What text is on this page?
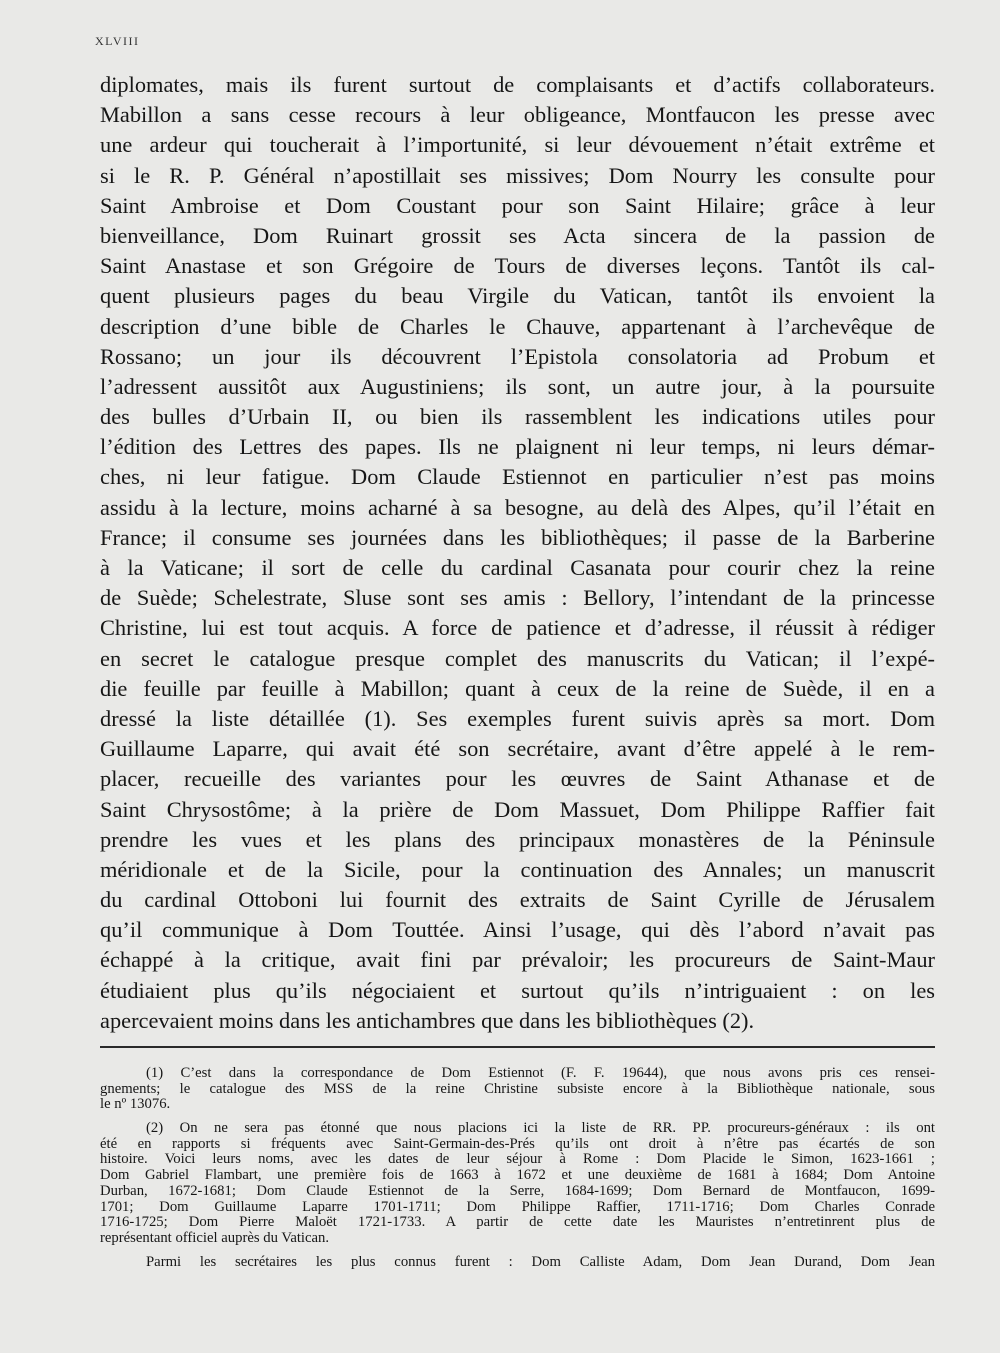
XLVIII
diplomates, mais ils furent surtout de complaisants et d’actifs collaborateurs.
Mabillon a sans cesse recours à leur obligeance, Montfaucon les presse avec
une ardeur qui toucherait à l’importunité, si leur dévouement n’était extrême et
si le R. P. Général n’apostillait ses missives; Dom Nourry les consulte pour
Saint Ambroise et Dom Coustant pour son Saint Hilaire; grâce à leur
bienveillance, Dom Ruinart grossit ses Acta sincera de la passion de
Saint Anastase et son Grégoire de Tours de diverses leçons. Tantôt ils cal-
quent plusieurs pages du beau Virgile du Vatican, tantôt ils envoient la
description d’une bible de Charles le Chauve, appartenant à l’archevêque de
Rossano; un jour ils découvrent l’Epistola consolatoria ad Probum et
l’adressent aussitôt aux Augustiniens; ils sont, un autre jour, à la poursuite
des bulles d’Urbain II, ou bien ils rassemblent les indications utiles pour
l’édition des Lettres des papes. Ils ne plaignent ni leur temps, ni leurs démar-
ches, ni leur fatigue. Dom Claude Estiennot en particulier n’est pas moins
assidu à la lecture, moins acharné à sa besogne, au delà des Alpes, qu’il l’était en
France; il consume ses journées dans les bibliothèques; il passe de la Barberine
à la Vaticane; il sort de celle du cardinal Casanata pour courir chez la reine
de Suède; Schelestrate, Sluse sont ses amis : Bellory, l’intendant de la princesse
Christine, lui est tout acquis. A force de patience et d’adresse, il réussit à rédiger
en secret le catalogue presque complet des manuscrits du Vatican; il l’expé-
die feuille par feuille à Mabillon; quant à ceux de la reine de Suède, il en a
dressé la liste détaillée (1). Ses exemples furent suivis après sa mort. Dom
Guillaume Laparre, qui avait été son secrétaire, avant d’être appelé à le rem-
placer, recueille des variantes pour les œuvres de Saint Athanase et de
Saint Chrysostôme; à la prière de Dom Massuet, Dom Philippe Raffier fait
prendre les vues et les plans des principaux monastères de la Péninsule
méridionale et de la Sicile, pour la continuation des Annales; un manuscrit
du cardinal Ottoboni lui fournit des extraits de Saint Cyrille de Jérusalem
qu’il communique à Dom Touttée. Ainsi l’usage, qui dès l’abord n’avait pas
échappé à la critique, avait fini par prévaloir; les procureurs de Saint-Maur
étudiaient plus qu’ils négociaient et surtout qu’ils n’intriguaient : on les
apercevaient moins dans les antichambres que dans les bibliothèques (2).
(1) C’est dans la correspondance de Dom Estiennot (F. F. 19644), que nous avons pris ces rensei-
gnements; le catalogue des MSS de la reine Christine subsiste encore à la Bibliothèque nationale, sous
le nº 13076.
(2) On ne sera pas étonné que nous placions ici la liste de RR. PP. procureurs-généraux : ils ont
été en rapports si fréquents avec Saint-Germain-des-Prés qu’ils ont droit à n’être pas écartés de son
histoire. Voici leurs noms, avec les dates de leur séjour à Rome : Dom Placide le Simon, 1623-1661 ;
Dom Gabriel Flambart, une première fois de 1663 à 1672 et une deuxième de 1681 à 1684; Dom Antoine
Durban, 1672-1681; Dom Claude Estiennot de la Serre, 1684-1699; Dom Bernard de Montfaucon, 1699-
1701; Dom Guillaume Laparre 1701-1711; Dom Philippe Raffier, 1711-1716; Dom Charles Conrade
1716-1725; Dom Pierre Maloët 1721-1733. A partir de cette date les Mauristes n’entretinrent plus de
représentant officiel auprès du Vatican.
Parmi les secrétaires les plus connus furent : Dom Calliste Adam, Dom Jean Durand, Dom Jean
